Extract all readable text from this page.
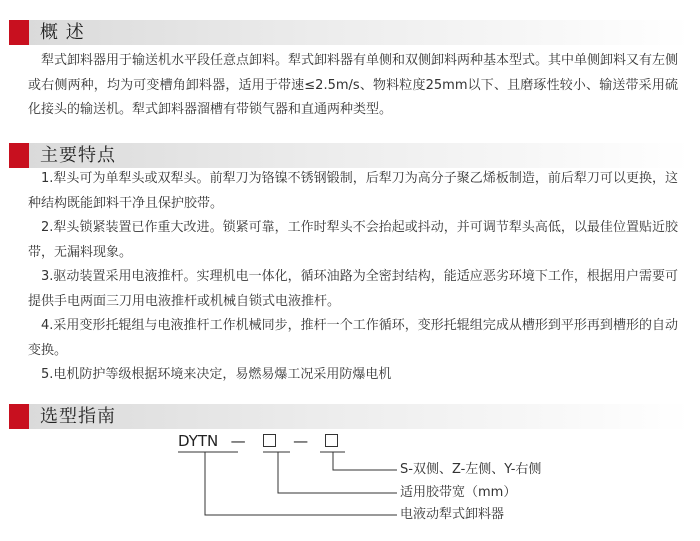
概 述
犁式卸料器用于输送机水平段任意点卸料。犁式卸料器有单侧和双侧卸料两种基本型式。其中单侧卸料又有左侧或右侧两种，均为可变槽角卸料器，适用于带速≤2.5m/s、物料粒度25mm以下、且磨琢性较小、输送带采用硫化接头的输送机。犁式卸料器溜槽有带锁气器和直通两种类型。
主要特点
1.犁头可为单犁头或双犁头。前犁刀为铬镍不锈钢锻制，后犁刀为高分子聚乙烯板制造，前后犁刀可以更换，这种结构既能卸料干净且保护胶带。
2.犁头锁紧装置已作重大改进。锁紧可靠，工作时犁头不会抬起或抖动，并可调节犁头高低，以最佳位置贴近胶带，无漏料现象。
3.驱动装置采用电液推杆。实理机电一体化，循环油路为全密封结构，能适应恶劣环境下工作，根据用户需要可提供手电两面三刀用电液推杆或机械自锁式电液推杆。
4.采用变形托辊组与电液推杆工作机械同步，推杆一个工作循环，变形托辊组完成从槽形到平形再到槽形的自动变换。
5.电机防护等级根据环境来决定，易燃易爆工况采用防爆电机
选型指南
DYTN —	—
S-双侧、Z-左侧、Y-右侧
适用胶带宽（mm）
电液动犁式卸料器
